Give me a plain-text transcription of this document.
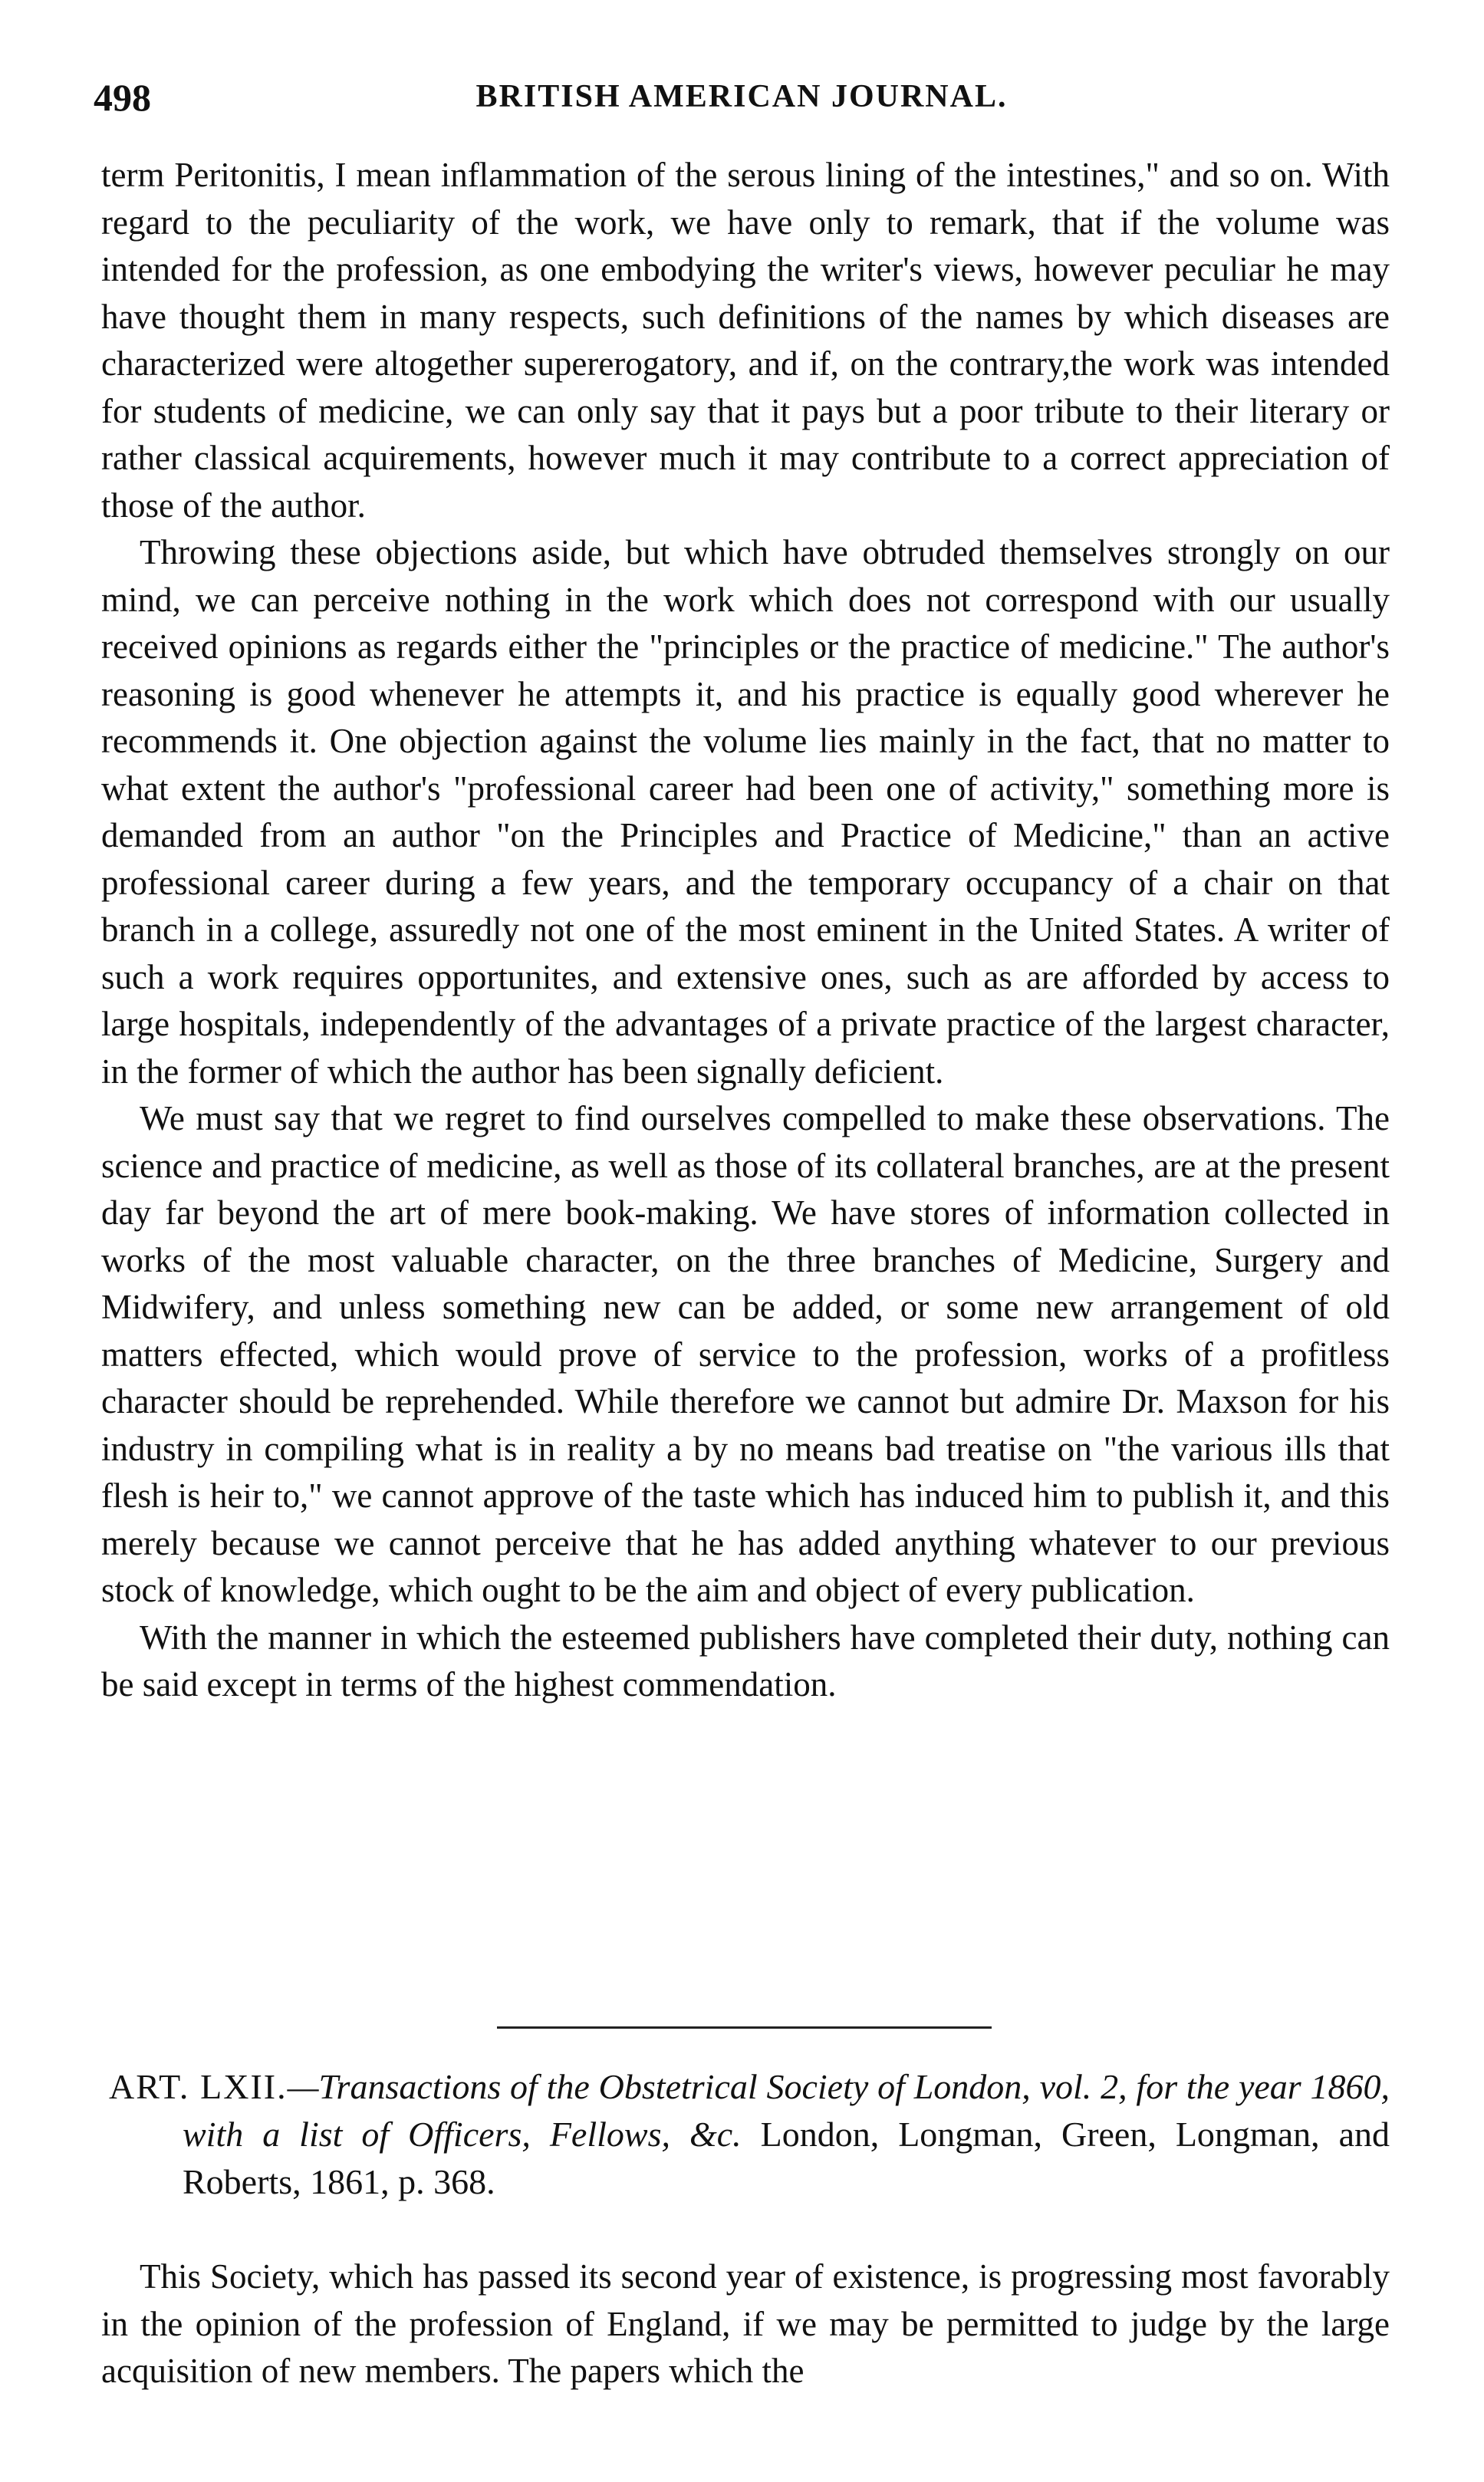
498	BRITISH AMERICAN JOURNAL.

term Peritonitis, I mean inflammation of the serous lining of the intestines," and so on. With regard to the peculiarity of the work, we have only to remark, that if the volume was intended for the profession, as one embodying the writer's views, however peculiar he may have thought them in many respects, such definitions of the names by which diseases are characterized were altogether supererogatory, and if, on the contrary,the work was intended for students of medicine, we can only say that it pays but a poor tribute to their literary or rather classical acquirements, however much it may contribute to a correct appreciation of those of the author.

Throwing these objections aside, but which have obtruded themselves strongly on our mind, we can perceive nothing in the work which does not correspond with our usually received opinions as regards either the "principles or the practice of medicine." The author's reasoning is good whenever he attempts it, and his practice is equally good wherever he recommends it. One objection against the volume lies mainly in the fact, that no matter to what extent the author's "professional career had been one of activity," something more is demanded from an author "on the Principles and Practice of Medicine," than an active professional career during a few years, and the temporary occupancy of a chair on that branch in a college, assuredly not one of the most eminent in the United States. A writer of such a work requires opportunites, and extensive ones, such as are afforded by access to large hospitals, independently of the advantages of a private practice of the largest character, in the former of which the author has been signally deficient.

We must say that we regret to find ourselves compelled to make these observations. The science and practice of medicine, as well as those of its collateral branches, are at the present day far beyond the art of mere book-making. We have stores of information collected in works of the most valuable character, on the three branches of Medicine, Surgery and Midwifery, and unless something new can be added, or some new arrangement of old matters effected, which would prove of service to the profession, works of a profitless character should be reprehended. While therefore we cannot but admire Dr. Maxson for his industry in compiling what is in reality a by no means bad treatise on "the various ills that flesh is heir to," we cannot approve of the taste which has induced him to publish it, and this merely because we cannot perceive that he has added anything whatever to our previous stock of knowledge, which ought to be the aim and object of every publication.

With the manner in which the esteemed publishers have completed their duty, nothing can be said except in terms of the highest commendation.

ART. LXII.—Transactions of the Obstetrical Society of London, vol. 2, for the year 1860, with a list of Officers, Fellows, &c. London, Longman, Green, Longman, and Roberts, 1861, p. 368.

This Society, which has passed its second year of existence, is progressing most favorably in the opinion of the profession of England, if we may be permitted to judge by the large acquisition of new members. The papers which the
